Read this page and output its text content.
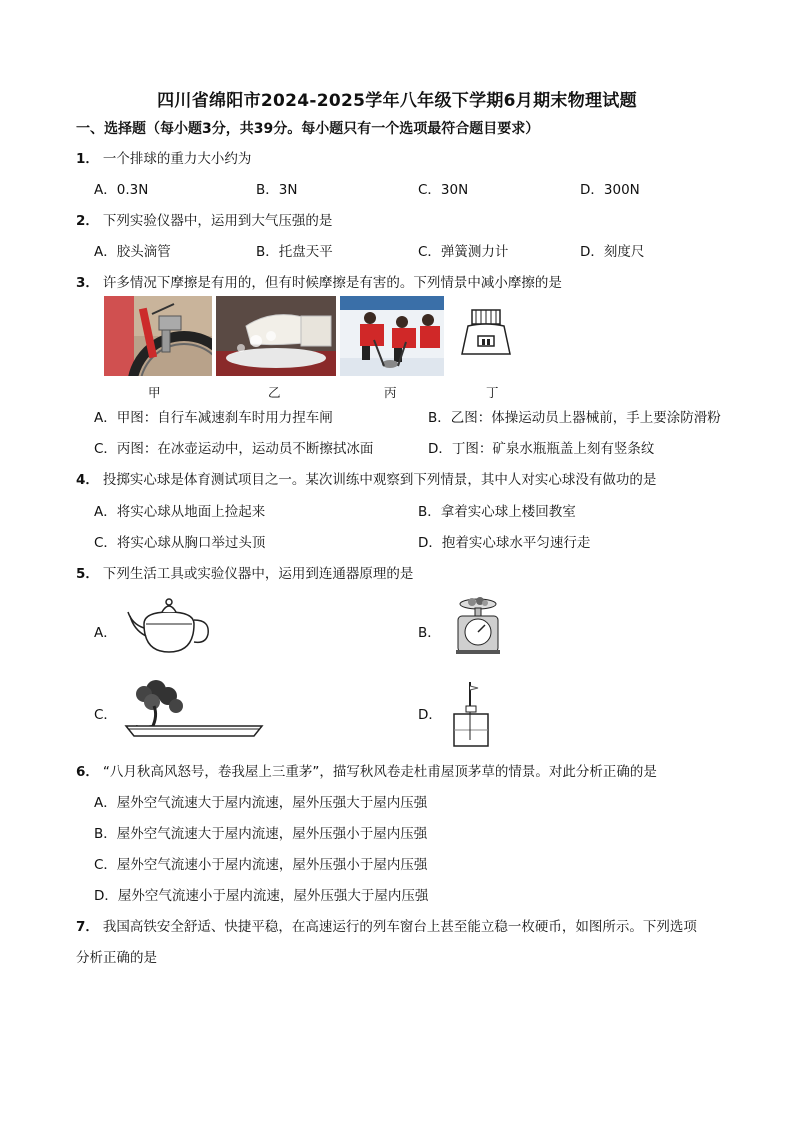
四川省绵阳市2024-2025学年八年级下学期6月期末物理试题
一、选择题（每小题3分，共39分。每小题只有一个选项最符合题目要求）
1． 一个排球的重力大小约为
A．0.3N	B．3N	C．30N	D．300N
2． 下列实验仪器中，运用到大气压强的是
A．胶头滴管	B．托盘天平	C．弹簧测力计	D．刻度尺
3． 许多情况下摩擦是有用的，但有时候摩擦是有害的。下列情景中减小摩擦的是
甲	乙	丙	丁
A．甲图：自行车减速刹车时用力捏车闸	B．乙图：体操运动员上器械前，手上要涂防滑粉
C．丙图：在冰壶运动中，运动员不断擦拭冰面	D．丁图：矿泉水瓶瓶盖上刻有竖条纹
4． 投掷实心球是体育测试项目之一。某次训练中观察到下列情景，其中人对实心球没有做功的是
A．将实心球从地面上捡起来	B．拿着实心球上楼回教室
C．将实心球从胸口举过头顶	D．抱着实心球水平匀速行走
5． 下列生活工具或实验仪器中，运用到连通器原理的是
A．	B．
C．	D．
6． “八月秋高风怒号，卷我屋上三重茅”，描写秋风卷走杜甫屋顶茅草的情景。对此分析正确的是
A．屋外空气流速大于屋内流速，屋外压强大于屋内压强
B．屋外空气流速大于屋内流速，屋外压强小于屋内压强
C．屋外空气流速小于屋内流速，屋外压强小于屋内压强
D．屋外空气流速小于屋内流速，屋外压强大于屋内压强
7． 我国高铁安全舒适、快捷平稳，在高速运行的列车窗台上甚至能立稳一枚硬币，如图所示。下列选项
分析正确的是
